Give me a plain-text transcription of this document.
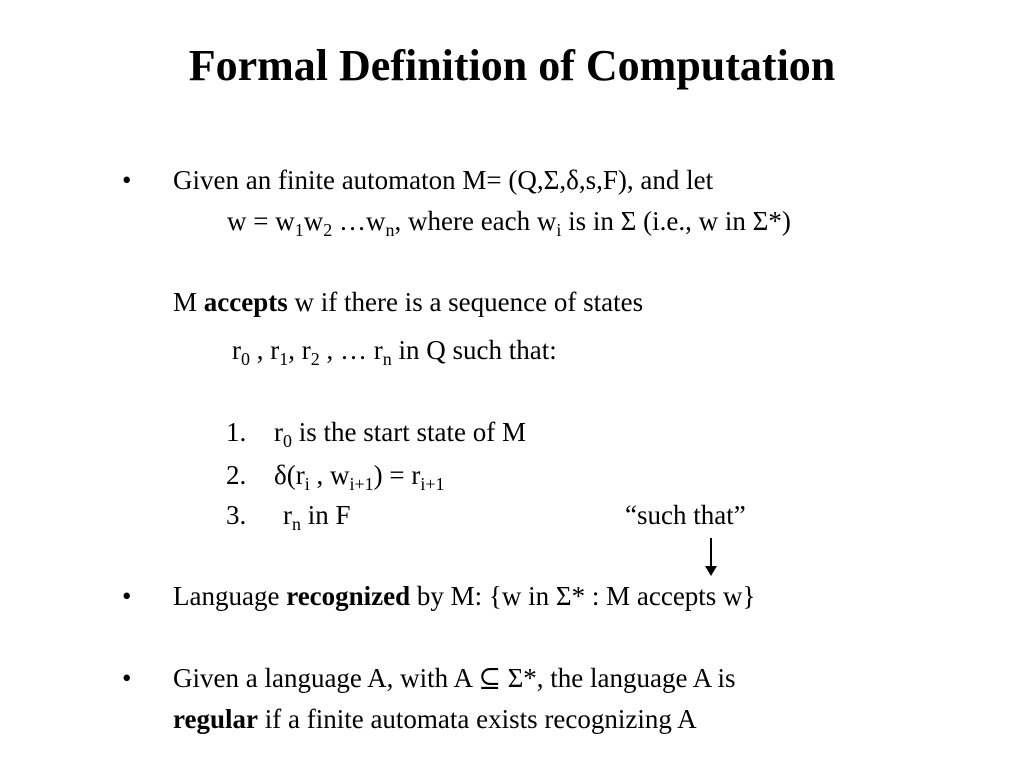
Formal Definition of Computation
• Given an finite automaton M= (Q,Σ,δ,s,F), and let
$w = w_1w_2$ $\dots w_n$, where each $w_i$ is in Σ (i.e., w in Σ*)
M accepts w if there is a sequence of states
$r_0$ , $r_1$, $r_2$ , … $r_n$ in Q such that:
1. $r_0$ is the start state of M
2. $\delta(r_i$ , $w_{i+1}) = r_{i+1}$
3. $r_n$ in F	“such that”
• Language recognized by M: {w in Σ* : M accepts w}
• Given a language A, with A ⊆ Σ*, the language A is
regular if a finite automata exists recognizing A
